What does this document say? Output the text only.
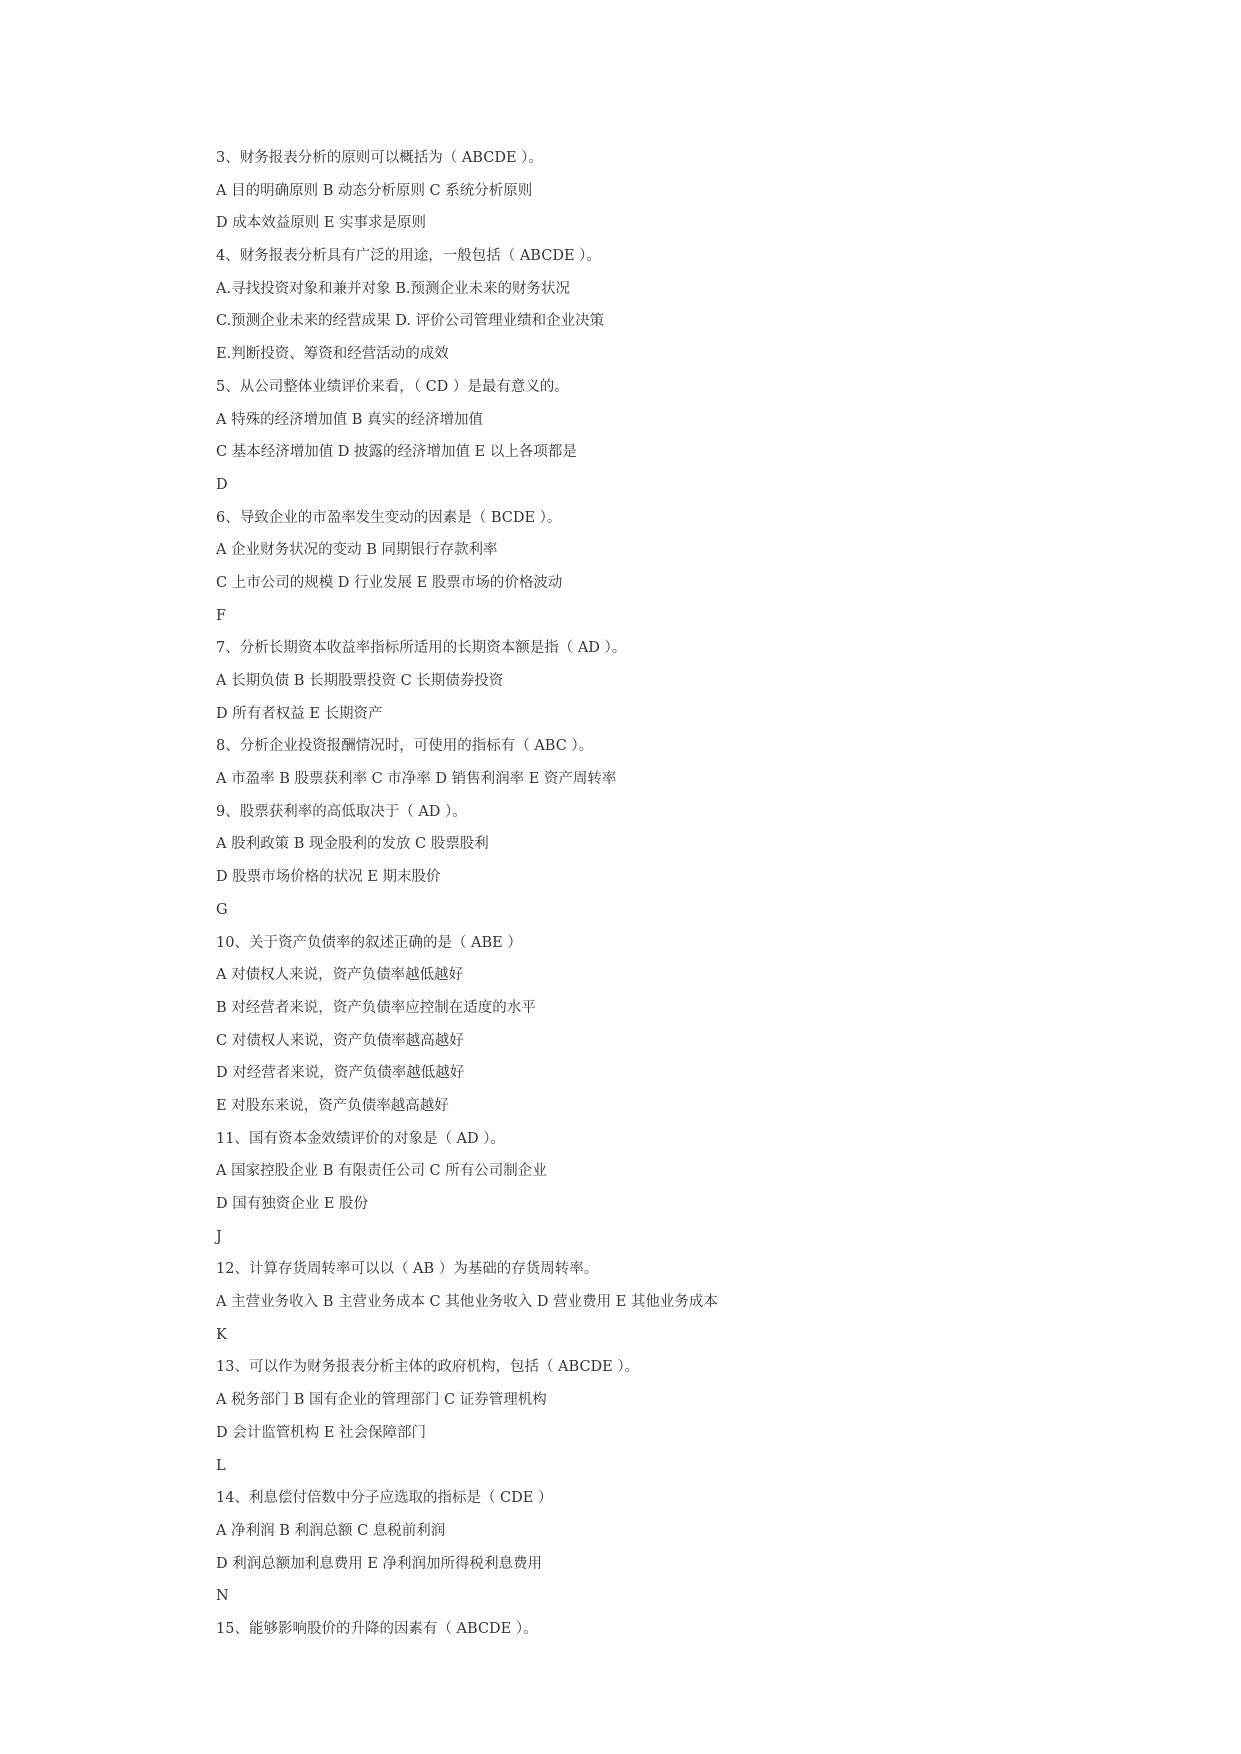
3、财务报表分析的原则可以概括为（ ABCDE ）。
A 目的明确原则 B 动态分析原则 C 系统分析原则
D 成本效益原则 E 实事求是原则
4、财务报表分析具有广泛的用途，一般包括（ ABCDE ）。
A.寻找投资对象和兼并对象 B.预测企业未来的财务状况
C.预测企业未来的经营成果 D. 评价公司管理业绩和企业决策
E.判断投资、筹资和经营活动的成效
5、从公司整体业绩评价来看，（ CD ）是最有意义的。
A 特殊的经济增加值 B 真实的经济增加值
C 基本经济增加值 D 披露的经济增加值 E 以上各项都是
D
6、导致企业的市盈率发生变动的因素是（ BCDE ）。
A 企业财务状况的变动 B 同期银行存款利率
C 上市公司的规模 D 行业发展 E 股票市场的价格波动
F
7、分析长期资本收益率指标所适用的长期资本额是指（ AD ）。
A 长期负债 B 长期股票投资 C 长期债券投资
D 所有者权益 E 长期资产
8、分析企业投资报酬情况时，可使用的指标有（ ABC ）。
A 市盈率 B 股票获利率 C 市净率 D 销售利润率 E 资产周转率
9、股票获利率的高低取决于（ AD ）。
A 股利政策 B 现金股利的发放 C 股票股利
D 股票市场价格的状况 E 期末股价
G
10、关于资产负债率的叙述正确的是（ ABE ）
A 对债权人来说，资产负债率越低越好
B 对经营者来说，资产负债率应控制在适度的水平
C 对债权人来说，资产负债率越高越好
D 对经营者来说，资产负债率越低越好
E 对股东来说，资产负债率越高越好
11、国有资本金效绩评价的对象是（ AD ）。
A 国家控股企业 B 有限责任公司 C 所有公司制企业
D 国有独资企业 E 股份
J
12、计算存货周转率可以以（ AB ）为基础的存货周转率。
A 主营业务收入 B 主营业务成本 C 其他业务收入 D 营业费用 E 其他业务成本
K
13、可以作为财务报表分析主体的政府机构，包括（ ABCDE ）。
A 税务部门 B 国有企业的管理部门 C 证券管理机构
D 会计监管机构 E 社会保障部门
L
14、利息偿付倍数中分子应选取的指标是（ CDE ）
A 净利润 B 利润总额 C 息税前利润
D 利润总额加利息费用 E 净利润加所得税利息费用
N
15、能够影响股价的升降的因素有（ ABCDE ）。
